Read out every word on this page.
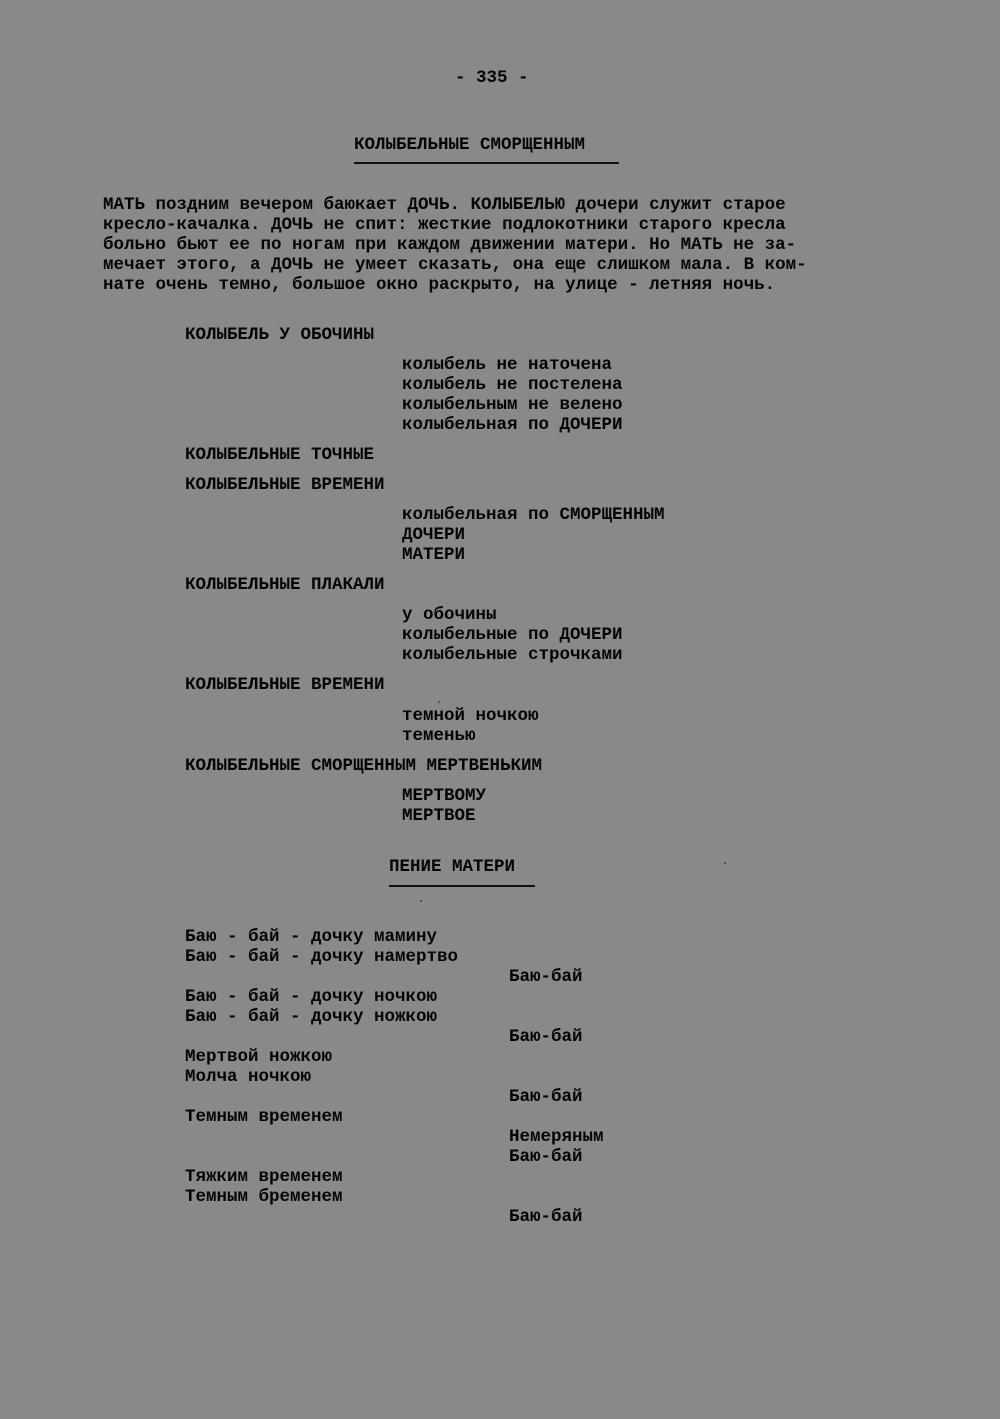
- 335 -
КОЛЫБЕЛЬНЫЕ СМОРЩЕННЫМ
МАТЬ поздним вечером баюкает ДОЧЬ. КОЛЫБЕЛЬЮ дочери служит старое
кресло-качалка. ДОЧЬ не спит: жесткие подлокотники старого кресла
больно бьют ее по ногам при каждом движении матери. Но МАТЬ не за-
мечает этого, а ДОЧЬ не умеет сказать, она еще слишком мала. В ком-
нате очень темно, большое окно раскрыто, на улице - летняя ночь.
КОЛЫБЕЛЬ У ОБОЧИНЫ
колыбель не наточена
колыбель не постелена
колыбельным не велено
колыбельная по ДОЧЕРИ
КОЛЫБЕЛЬНЫЕ ТОЧНЫЕ
КОЛЫБЕЛЬНЫЕ ВРЕМЕНИ
колыбельная по СМОРЩЕННЫМ
ДОЧЕРИ
МАТЕРИ
КОЛЫБЕЛЬНЫЕ ПЛАКАЛИ
у обочины
колыбельные по ДОЧЕРИ
колыбельные строчками
КОЛЫБЕЛЬНЫЕ ВРЕМЕНИ
темной ночкою
теменью
КОЛЫБЕЛЬНЫЕ СМОРЩЕННЫМ МЕРТВЕНЬКИМ
МЕРТВОМУ
МЕРТВОЕ
ПЕНИЕ МАТЕРИ
Баю - бай - дочку мамину
Баю - бай - дочку намертво
Баю-бай
Баю - бай - дочку ночкою
Баю - бай - дочку ножкою
Баю-бай
Мертвой ножкою
Молча ночкою
Баю-бай
Темным временем
Немеряным
Баю-бай
Тяжким временем
Темным бременем
Баю-бай
